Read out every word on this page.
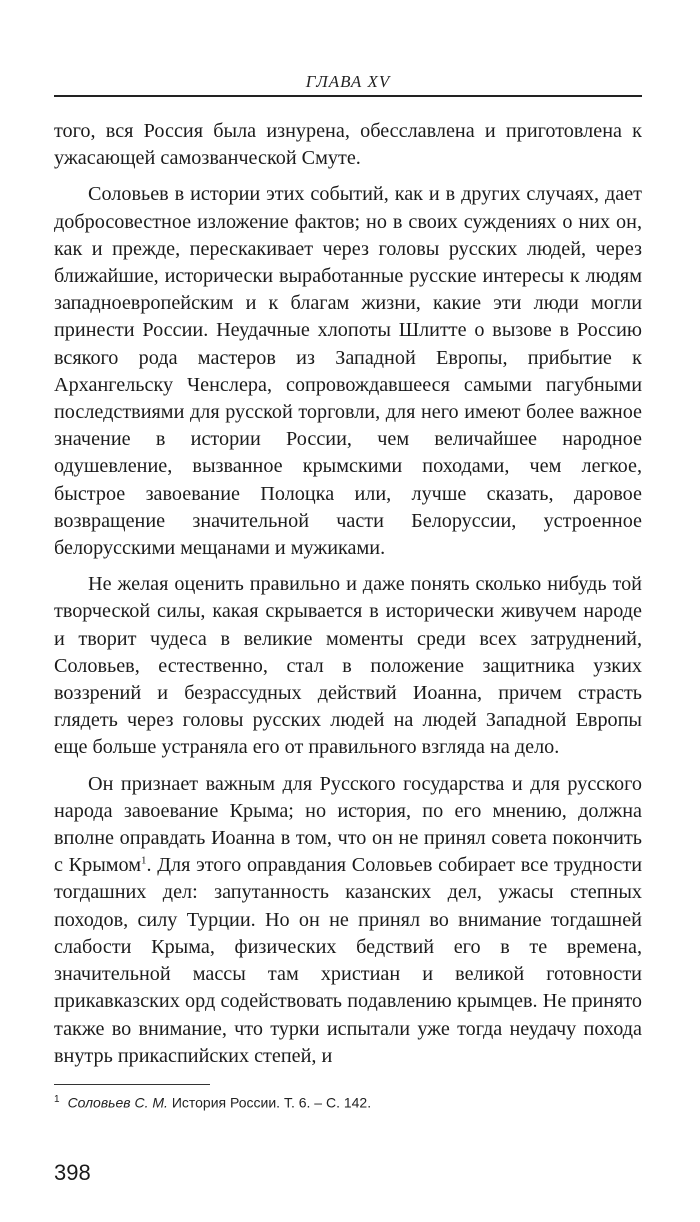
ГЛАВА XV

того, вся Россия была изнурена, обесславлена и приготовлена к ужасающей самозванческой Смуте.

Соловьев в истории этих событий, как и в других случаях, дает добросовестное изложение фактов; но в своих суждениях о них он, как и прежде, перескакивает через головы русских людей, через ближайшие, исторически выработанные русские интересы к людям западноевропейским и к благам жизни, какие эти люди могли принести России. Неудачные хлопоты Шлитте о вызове в Россию всякого рода мастеров из Западной Европы, прибытие к Архангельску Ченслера, сопровождавшееся самыми пагубными последствиями для русской торговли, для него имеют более важное значение в истории России, чем величайшее народное одушевление, вызванное крымскими походами, чем легкое, быстрое завоевание Полоцка или, лучше сказать, даровое возвращение значительной части Белоруссии, устроенное белорусскими мещанами и мужиками.

Не желая оценить правильно и даже понять сколько нибудь той творческой силы, какая скрывается в исторически живучем народе и творит чудеса в великие моменты среди всех затруднений, Соловьев, естественно, стал в положение защитника узких воззрений и безрассудных действий Иоанна, причем страсть глядеть через головы русских людей на людей Западной Европы еще больше устраняла его от правильного взгляда на дело.

Он признает важным для Русского государства и для русского народа завоевание Крыма; но история, по его мнению, должна вполне оправдать Иоанна в том, что он не принял совета покончить с Крымом$^1$. Для этого оправдания Соловьев собирает все трудности тогдашних дел: запутанность казанских дел, ужасы степных походов, силу Турции. Но он не принял во внимание тогдашней слабости Крыма, физических бедствий его в те времена, значительной массы там христиан и великой готовности прикавказских орд содействовать подавлению крымцев. Не принято также во внимание, что турки испытали уже тогда неудачу похода внутрь прикаспийских степей, и

$^1$ Соловьев С. М. История России. Т. 6. – С. 142.
398
